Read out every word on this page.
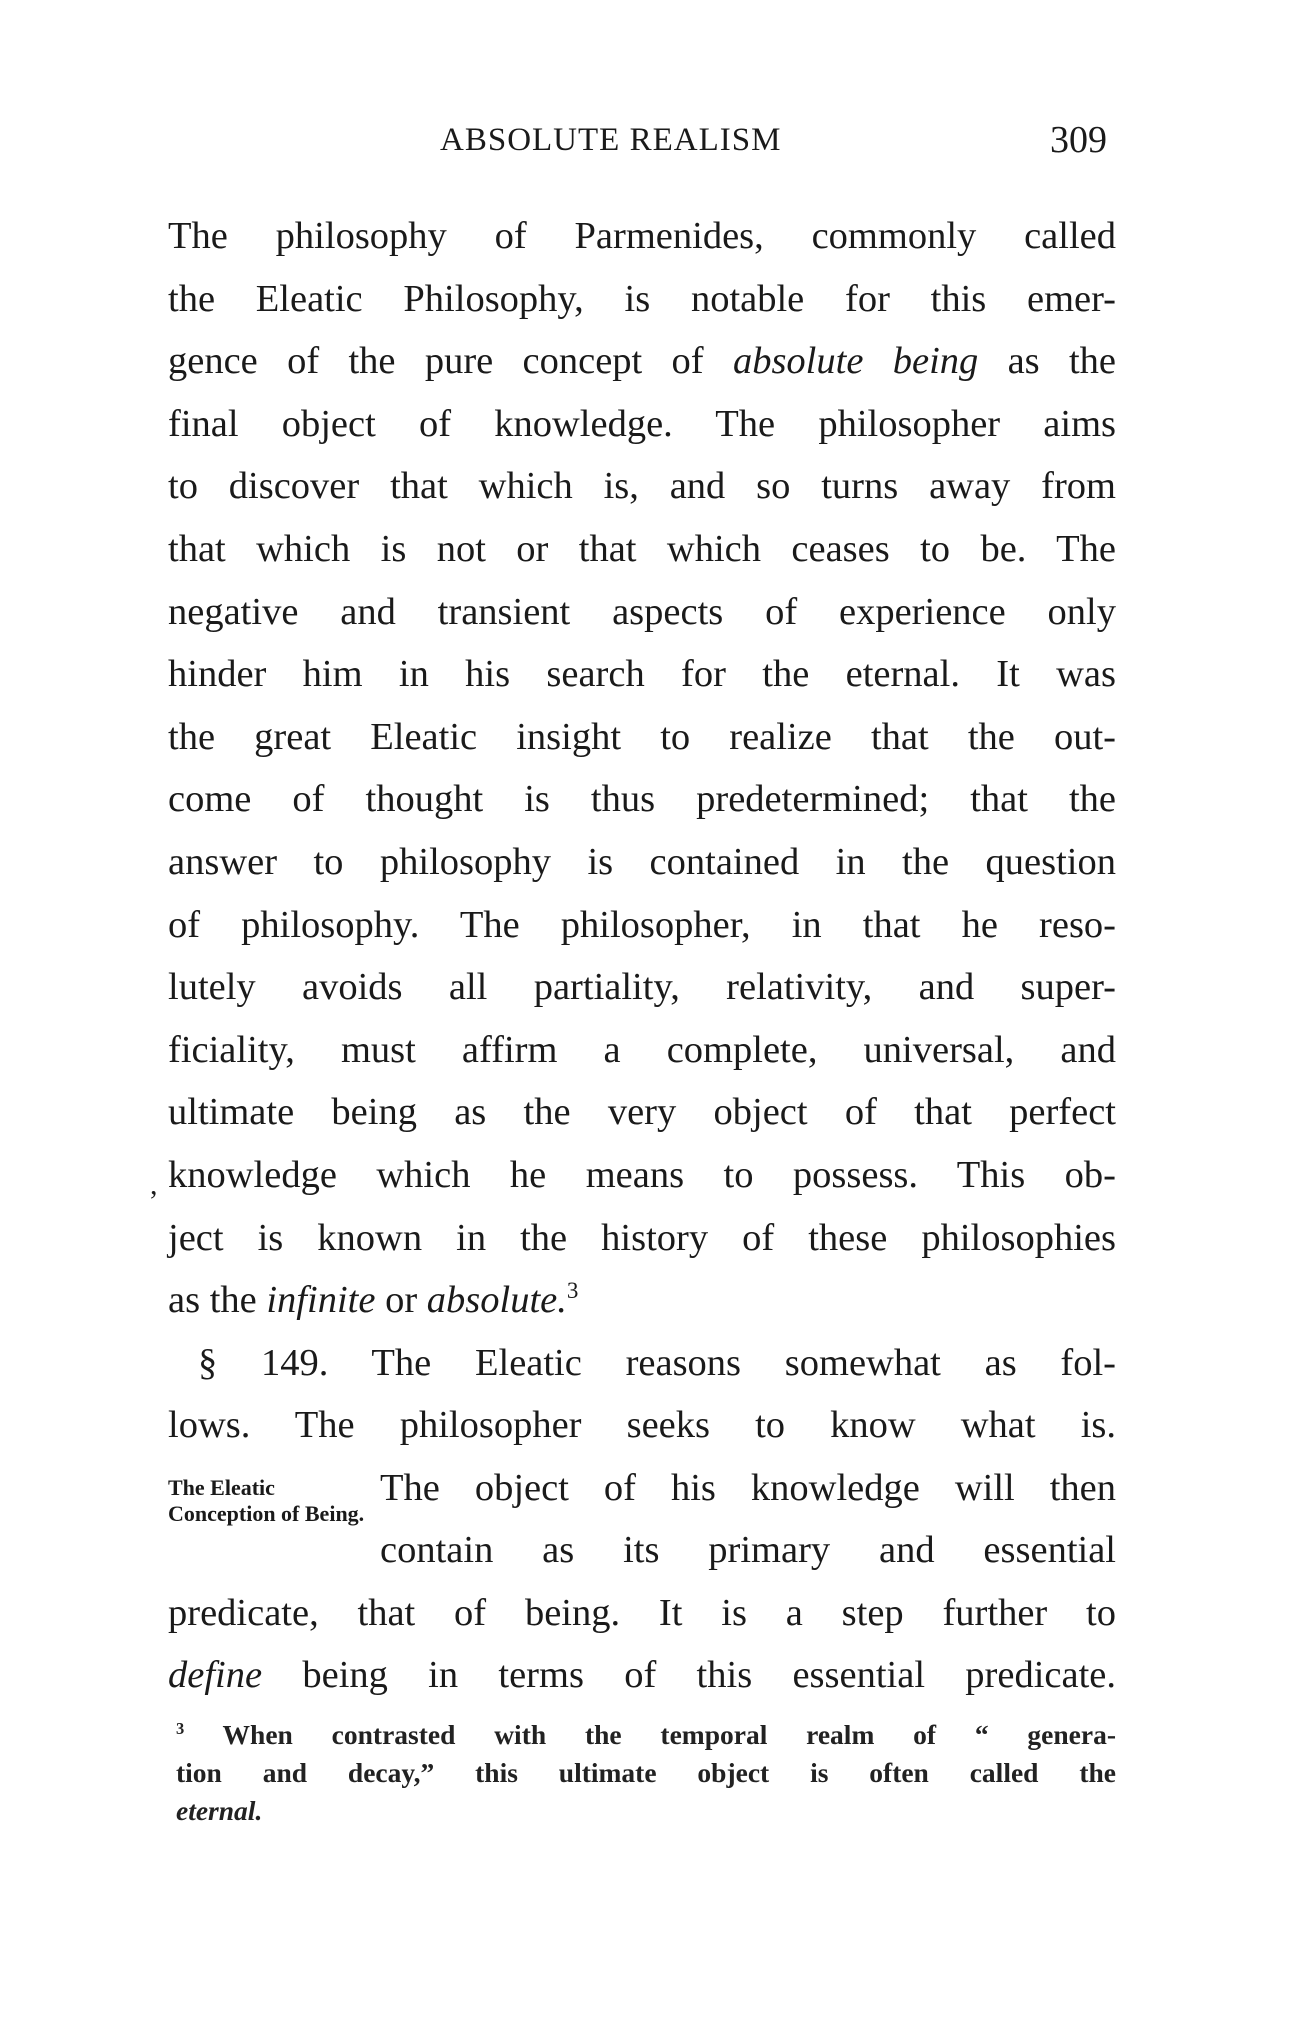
ABSOLUTE REALISM	309
,
The philosophy of Parmenides, commonly called
the Eleatic Philosophy, is notable for this emer-
gence of the pure concept of absolute being as the
final object of knowledge. The philosopher aims
to discover that which is, and so turns away from
that which is not or that which ceases to be. The
negative and transient aspects of experience only
hinder him in his search for the eternal. It was
the great Eleatic insight to realize that the out-
come of thought is thus predetermined; that the
answer to philosophy is contained in the question
of philosophy. The philosopher, in that he reso-
lutely avoids all partiality, relativity, and super-
ficiality, must affirm a complete, universal, and
ultimate being as the very object of that perfect
knowledge which he means to possess. This ob-
ject is known in the history of these philosophies
as the infinite or absolute.$^3$
§ 149. The Eleatic reasons somewhat as fol-
lows. The philosopher seeks to know what is.
The Eleatic Conception of Being.
The object of his knowledge will then
contain as its primary and essential
predicate, that of being. It is a step further to
define being in terms of this essential predicate.
$^3$ When contrasted with the temporal realm of “ genera-
tion and decay,” this ultimate object is often called the
eternal.
